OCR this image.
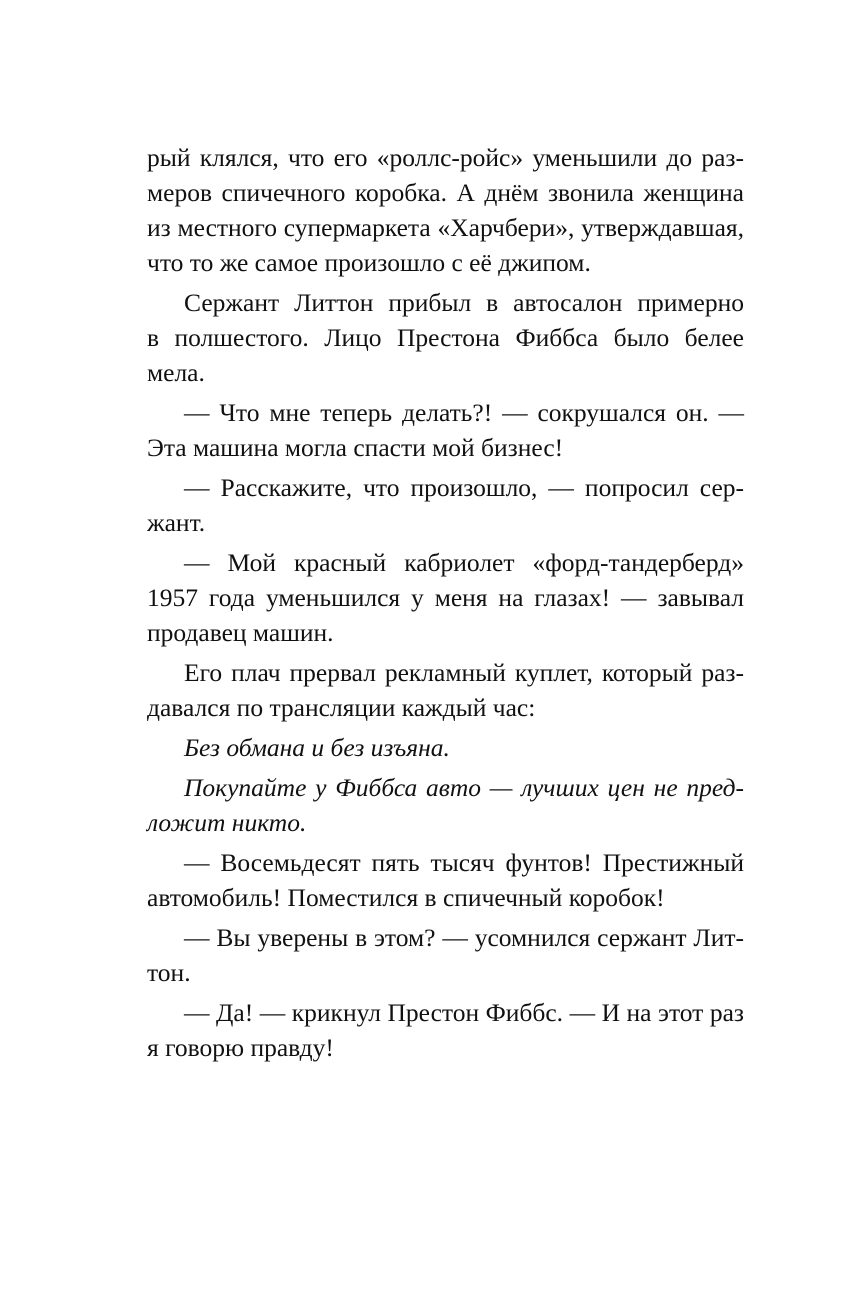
рый клялся, что его «роллс-ройс» уменьшили до раз-
меров спичечного коробка. А днём звонила женщина
из местного супермаркета «Харчбери», утверждавшая,
что то же самое произошло с её джипом.
Сержант Литтон прибыл в автосалон примерно
в полшестого. Лицо Престона Фиббса было белее
мела.
— Что мне теперь делать?! — сокрушался он. —
Эта машина могла спасти мой бизнес!
— Расскажите, что произошло, — попросил сер-
жант.
— Мой красный кабриолет «форд-тандерберд»
1957 года уменьшился у меня на глазах! — завывал
продавец машин.
Его плач прервал рекламный куплет, который раз-
давался по трансляции каждый час:
Без обмана и без изъяна.
Покупайте у Фиббса авто — лучших цен не пред-
ложит никто.
— Восемьдесят пять тысяч фунтов! Престижный
автомобиль! Поместился в спичечный коробок!
— Вы уверены в этом? — усомнился сержант Лит-
тон.
— Да! — крикнул Престон Фиббс. — И на этот раз
я говорю правду!
